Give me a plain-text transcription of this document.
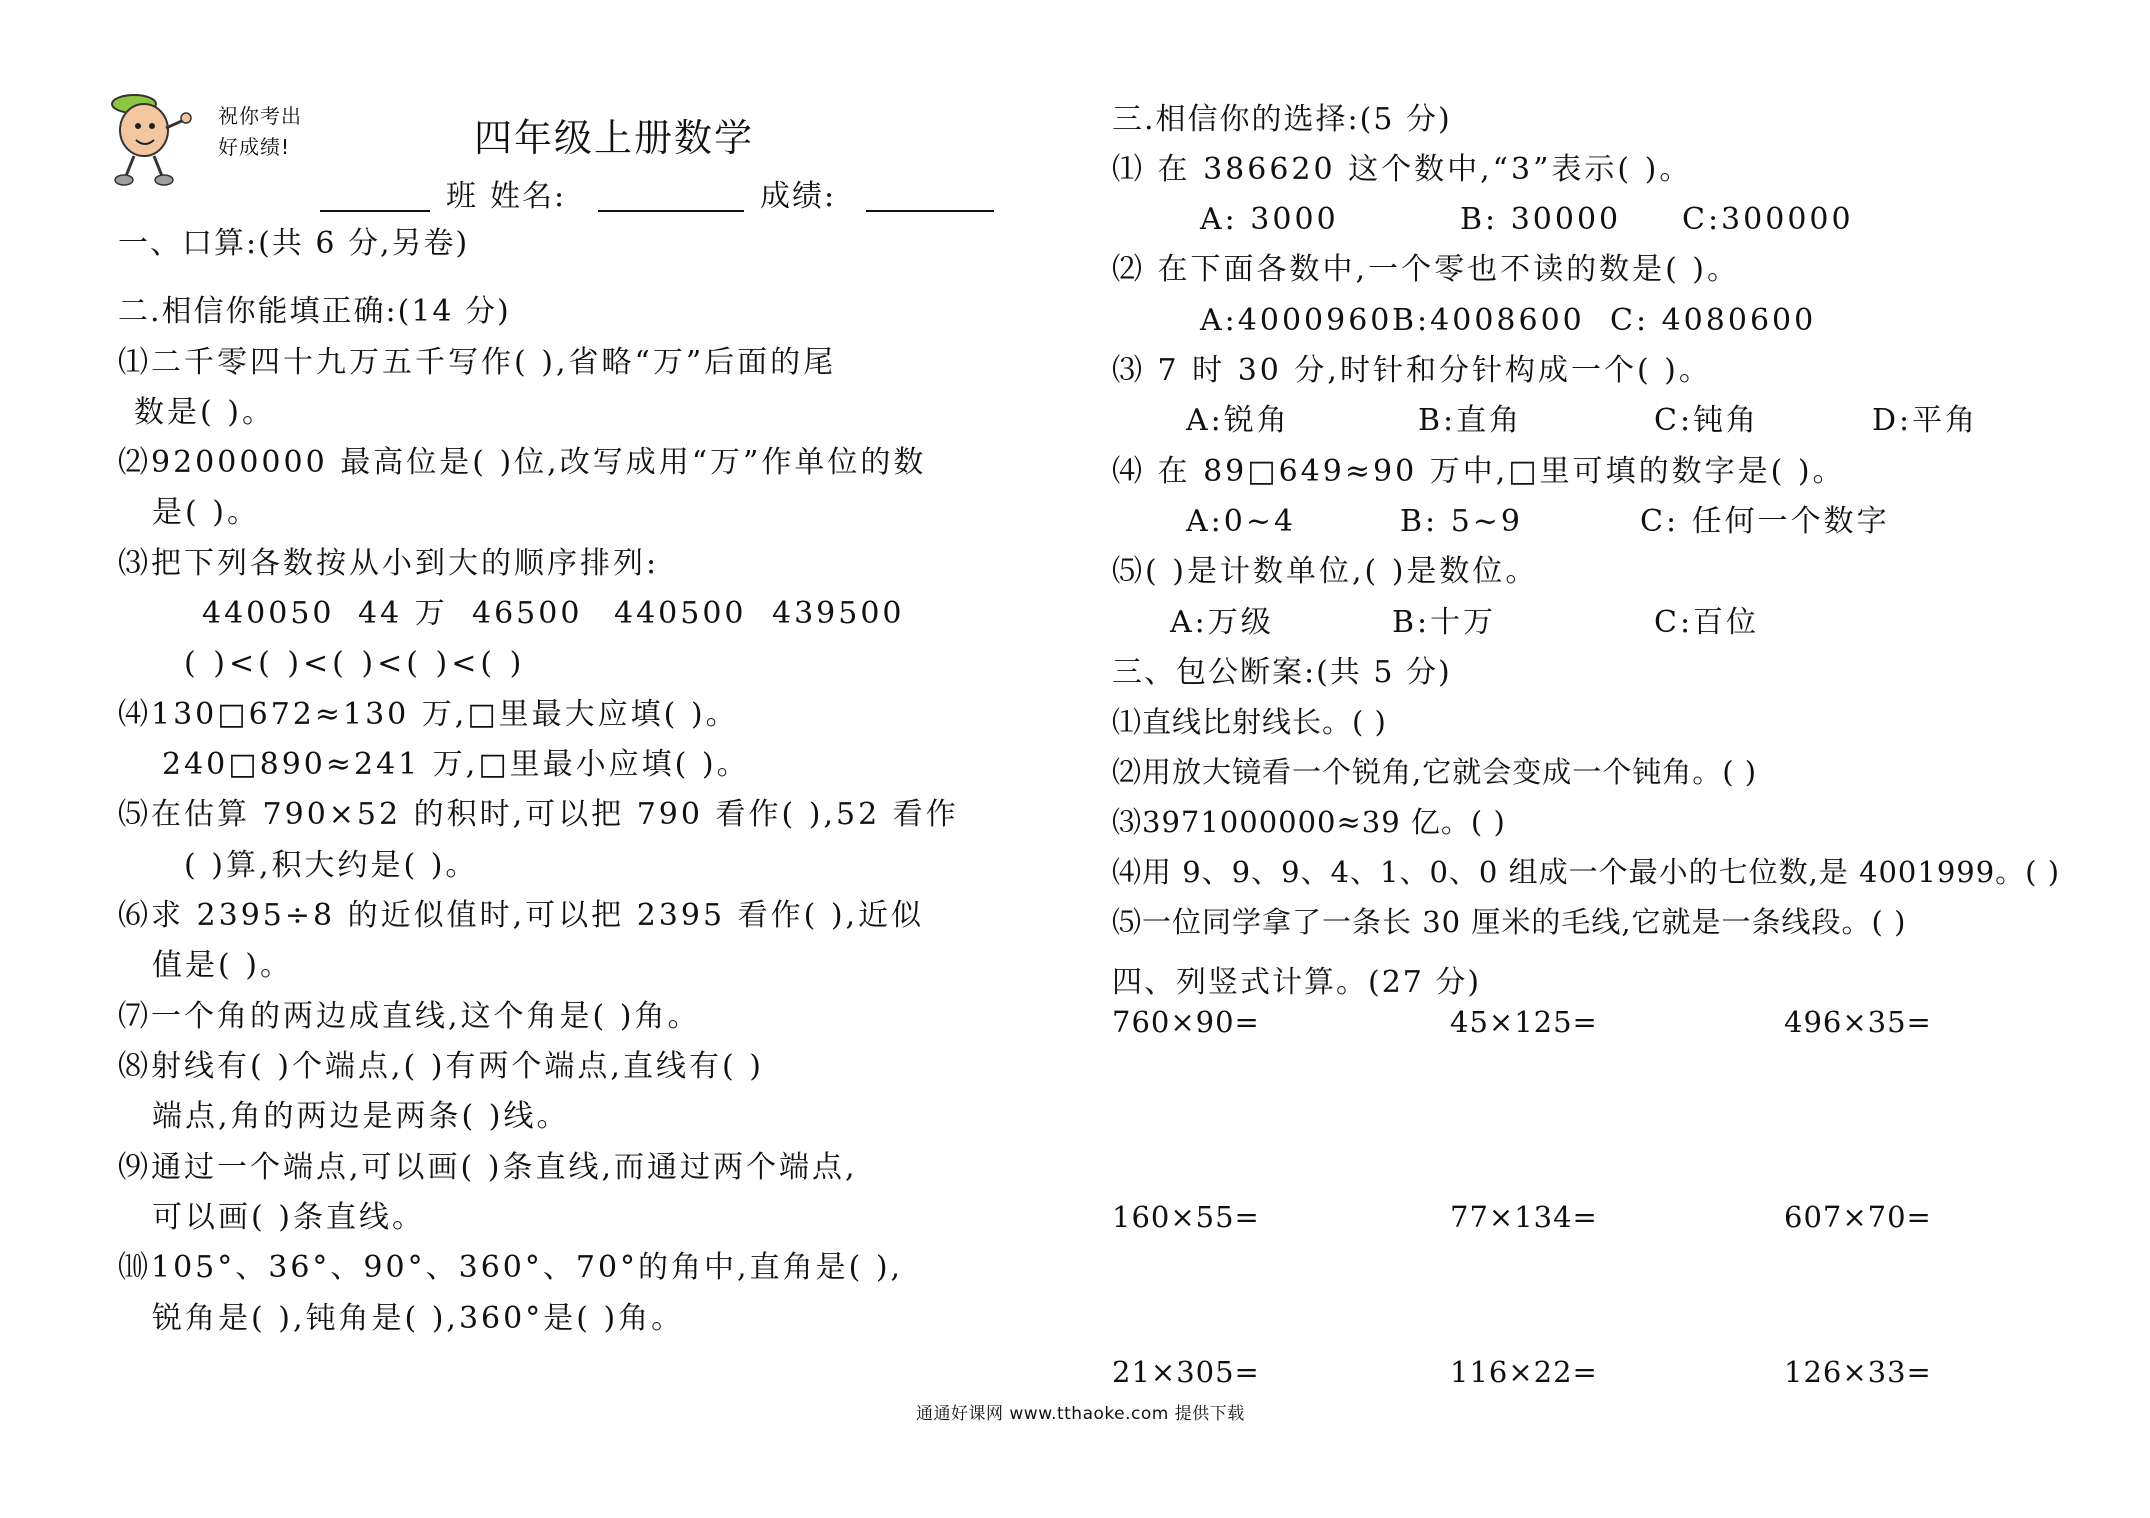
祝你考出
好成绩!	四年级上册数学
班 姓名:	成绩:
一、口算:(共 6 分,另卷)
二.相信你能填正确:(14 分)
⑴二千零四十九万五千写作( ),省略“万”后面的尾
数是( )。
⑵92000000 最高位是( )位,改写成用“万”作单位的数
是( )。
⑶把下列各数按从小到大的顺序排列:
440050 44 万 46500 440500 439500
( )<( )<( )<( )<( )
⑷130□672≈130 万,□里最大应填( )。
240□890≈241 万,□里最小应填( )。
⑸在估算 790×52 的积时,可以把 790 看作( ),52 看作
( )算,积大约是( )。
⑹求 2395÷8 的近似值时,可以把 2395 看作( ),近似
值是( )。
⑺一个角的两边成直线,这个角是( )角。
⑻射线有( )个端点,( )有两个端点,直线有( )
端点,角的两边是两条( )线。
⑼通过一个端点,可以画( )条直线,而通过两个端点,
可以画( )条直线。
⑽105°、36°、90°、360°、70°的角中,直角是( ),
锐角是( ),钝角是( ),360°是( )角。
三.相信你的选择:(5 分)
⑴ 在 386620 这个数中,“3”表示( )。
A: 3000	B: 30000 C:300000
⑵ 在下面各数中,一个零也不读的数是( )。
A:4000960 B:4008600 C: 4080600
⑶ 7 时 30 分,时针和分针构成一个( )。
A:锐角	B:直角	C:钝角	D:平角
⑷ 在 89□649≈90 万中,□里可填的数字是( )。
A:0~4	B: 5~9	C: 任何一个数字
⑸( )是计数单位,( )是数位。
A:万级	B:十万	C:百位
三、包公断案:(共 5 分)
⑴直线比射线长。( )
⑵用放大镜看一个锐角,它就会变成一个钝角。( )
⑶3971000000≈39 亿。( )
⑷用 9、9、9、4、1、0、0 组成一个最小的七位数,是 4001999。( )
⑸一位同学拿了一条长 30 厘米的毛线,它就是一条线段。( )
四、列竖式计算。(27 分)
760×90=	45×125=	496×35=
160×55=	77×134=	607×70=
21×305=	116×22=	126×33=
通通好课网 www.tthaoke.com 提供下载
